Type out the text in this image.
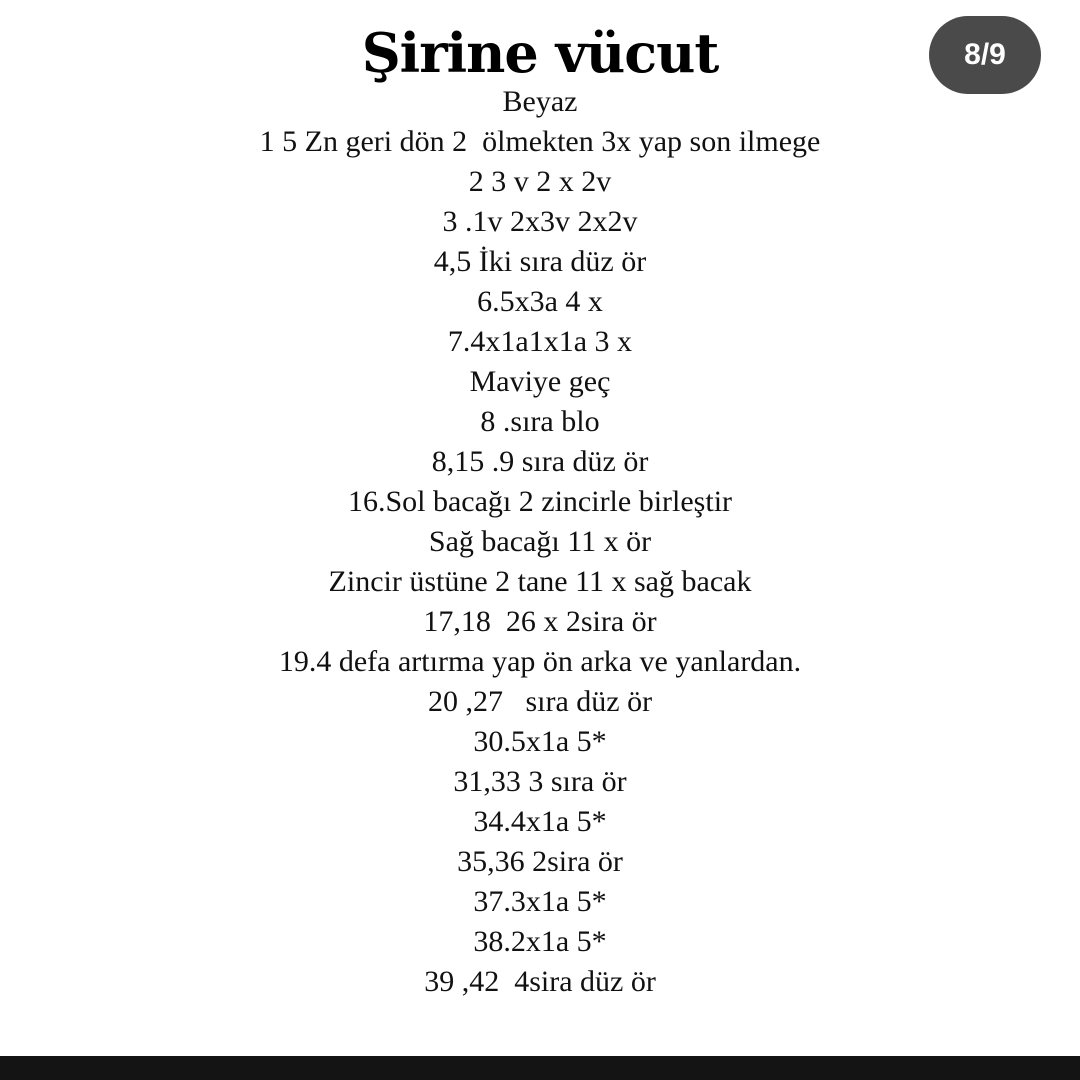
Şirine vücut	8/9
Beyaz
1 5 Zn geri dön 2  ölmekten 3x yap son ilmege
2 3 v 2 x 2v
3 .1v 2x3v 2x2v
4,5 İki sıra düz ör
6.5x3a 4 x
7.4x1a1x1a 3 x
Maviye geç
8 .sıra blo
8,15 .9 sıra düz ör
16.Sol bacağı 2 zincirle birleştir
Sağ bacağı 11 x ör
Zincir üstüne 2 tane 11 x sağ bacak
17,18  26 x 2sira ör
19.4 defa artırma yap ön arka ve yanlardan.
20 ,27   sıra düz ör
30.5x1a 5*
31,33 3 sıra ör
34.4x1a 5*
35,36 2sira ör
37.3x1a 5*
38.2x1a 5*
39 ,42  4sira düz ör
